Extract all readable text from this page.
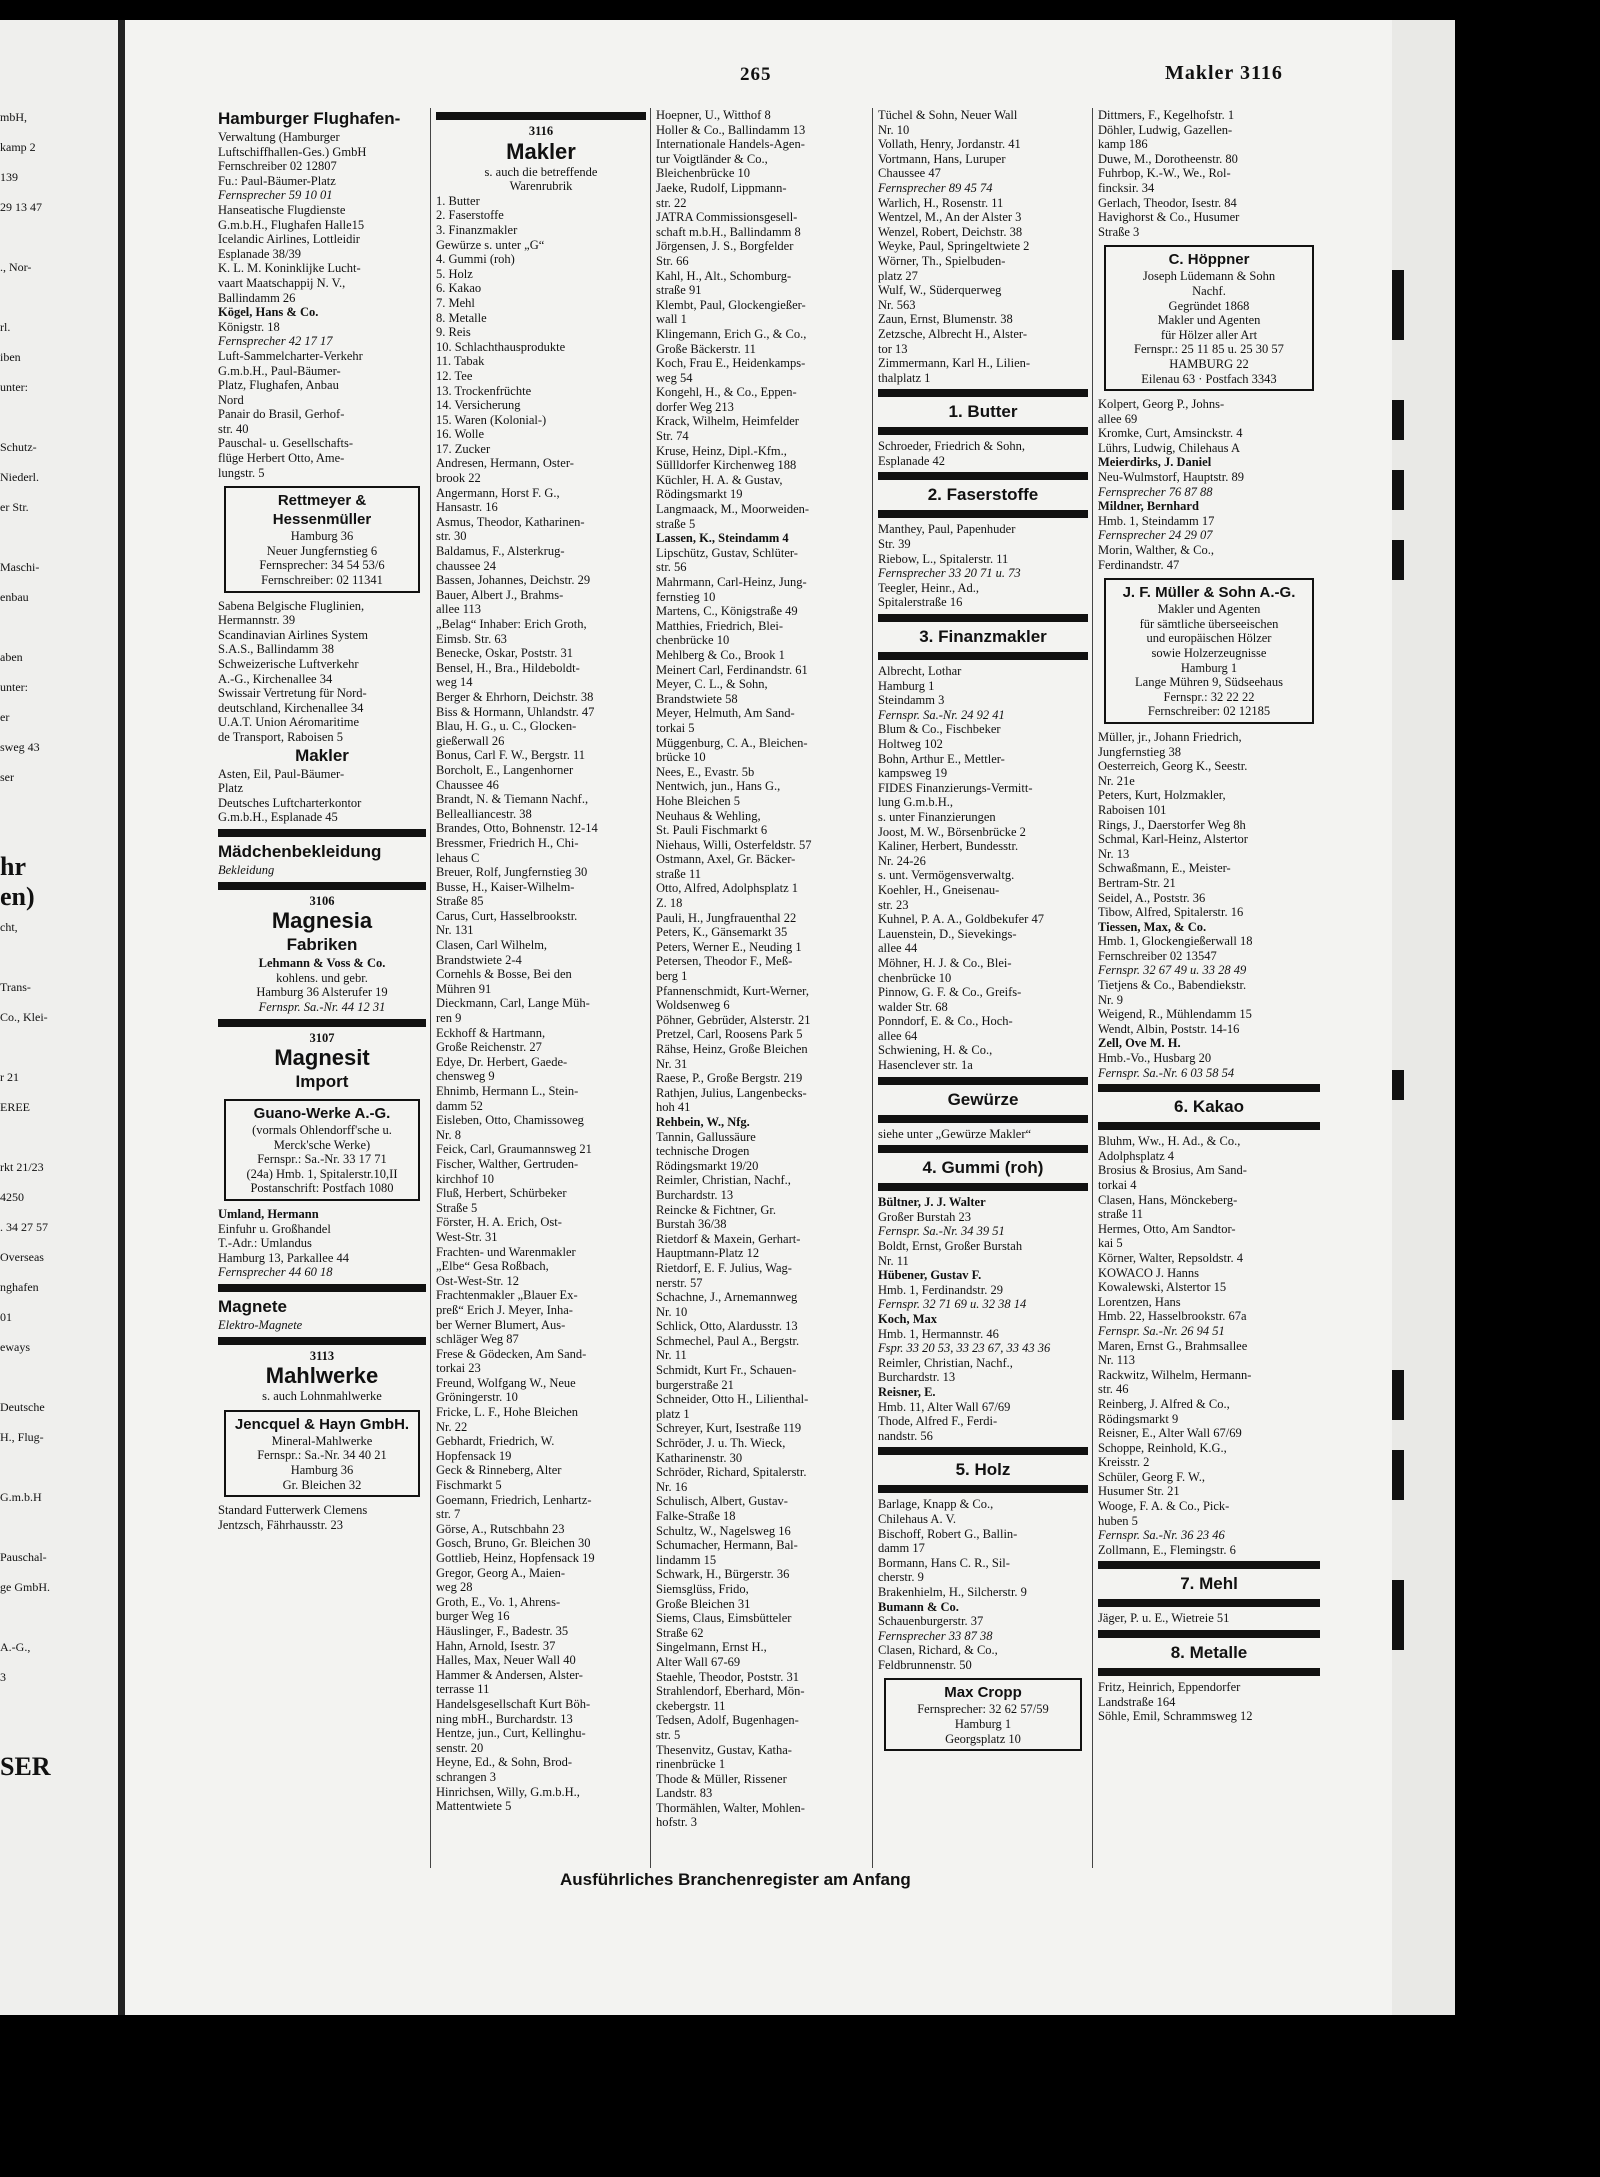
mbH,
kamp 2
139
29 13 47
., Nor-
rl.
iben
unter:
Schutz-
Niederl.
er Str.
Maschi-
enbau
aben
unter:
er
sweg 43
ser
hr
en)
cht,
Trans-
Co., Klei-
r 21
EREE
rkt 21/23
4250
. 34 27 57
Overseas
nghafen
01
eways
Deutsche
H., Flug-
G.m.b.H
Pauschal-
ge GmbH.
A.-G.,
3
SER
265	Makler 3116
Hamburger Flughafen-
Verwaltung (Hamburger
Luftschiffhallen-Ges.) GmbH
Fernschreiber 02 12807
Fu.: Paul-Bäumer-Platz
Fernsprecher 59 10 01
Hanseatische Flugdienste
G.m.b.H., Flughafen Halle15
Icelandic Airlines, Lottleidir
Esplanade 38/39
K. L. M. Koninklijke Lucht-
vaart Maatschappij N. V.,
Ballindamm 26
Kögel, Hans & Co.
Königstr. 18
Fernsprecher 42 17 17
Luft-Sammelcharter-Verkehr
G.m.b.H., Paul-Bäumer-
Platz, Flughafen, Anbau
Nord
Panair do Brasil, Gerhof-
str. 40
Pauschal- u. Gesellschafts-
flüge Herbert Otto, Ame-
lungstr. 5
Rettmeyer & Hessenmüller
Hamburg 36
Neuer Jungfernstieg 6
Fernsprecher: 34 54 53/6
Fernschreiber: 02 11341
Sabena Belgische Fluglinien,
Hermannstr. 39
Scandinavian Airlines System
S.A.S., Ballindamm 38
Schweizerische Luftverkehr
A.-G., Kirchenallee 34
Swissair Vertretung für Nord-
deutschland, Kirchenallee 34
U.A.T. Union Aéromaritime
de Transport, Raboisen 5
Makler
Asten, Eil, Paul-Bäumer-
Platz
Deutsches Luftcharterkontor
G.m.b.H., Esplanade 45
Mädchenbekleidung
Bekleidung
3106
Magnesia
Fabriken
Lehmann & Voss & Co.
kohlens. und gebr.
Hamburg 36 Alsterufer 19
Fernspr. Sa.-Nr. 44 12 31
3107
Magnesit
Import
Guano-Werke A.-G.
(vormals Ohlendorff'sche u.
Merck'sche Werke)
Fernspr.: Sa.-Nr. 33 17 71
(24a) Hmb. 1, Spitalerstr.10,II
Postanschrift: Postfach 1080
Umland, Hermann
Einfuhr u. Großhandel
T.-Adr.: Umlandus
Hamburg 13, Parkallee 44
Fernsprecher 44 60 18
Magnete
Elektro-Magnete
3113
Mahlwerke
s. auch Lohnmahlwerke
Jencquel & Hayn GmbH.
Mineral-Mahlwerke
Fernspr.: Sa.-Nr. 34 40 21
Hamburg 36
Gr. Bleichen 32
Standard Futterwerk Clemens
Jentzsch, Fährhausstr. 23
3116
Makler
s. auch die betreffende
Warenrubrik
1. Butter
2. Faserstoffe
3. Finanzmakler
Gewürze s. unter „G“
4. Gummi (roh)
5. Holz
6. Kakao
7. Mehl
8. Metalle
9. Reis
10. Schlachthausprodukte
11. Tabak
12. Tee
13. Trockenfrüchte
14. Versicherung
15. Waren (Kolonial-)
16. Wolle
17. Zucker
Andresen, Hermann, Oster-
brook 22
Angermann, Horst F. G.,
Hansastr. 16
Asmus, Theodor, Katharinen-
str. 30
Baldamus, F., Alsterkrug-
chaussee 24
Bassen, Johannes, Deichstr. 29
Bauer, Albert J., Brahms-
allee 113
„Belag“ Inhaber: Erich Groth,
Eimsb. Str. 63
Benecke, Oskar, Poststr. 31
Bensel, H., Bra., Hildeboldt-
weg 14
Berger & Ehrhorn, Deichstr. 38
Biss & Hormann, Uhlandstr. 47
Blau, H. G., u. C., Glocken-
gießerwall 26
Bonus, Carl F. W., Bergstr. 11
Borcholt, E., Langenhorner
Chaussee 46
Brandt, N. & Tiemann Nachf.,
Bellealliancestr. 38
Brandes, Otto, Bohnenstr. 12-14
Bressmer, Friedrich H., Chi-
lehaus C
Breuer, Rolf, Jungfernstieg 30
Busse, H., Kaiser-Wilhelm-
Straße 85
Carus, Curt, Hasselbrookstr.
Nr. 131
Clasen, Carl Wilhelm,
Brandstwiete 2-4
Cornehls & Bosse, Bei den
Mühren 91
Dieckmann, Carl, Lange Müh-
ren 9
Eckhoff & Hartmann,
Große Reichenstr. 27
Edye, Dr. Herbert, Gaede-
chensweg 9
Ehnimb, Hermann L., Stein-
damm 52
Eisleben, Otto, Chamissoweg
Nr. 8
Feick, Carl, Graumannsweg 21
Fischer, Walther, Gertruden-
kirchhof 10
Fluß, Herbert, Schürbeker
Straße 5
Förster, H. A. Erich, Ost-
West-Str. 31
Frachten- und Warenmakler
„Elbe“ Gesa Roßbach,
Ost-West-Str. 12
Frachtenmakler „Blauer Ex-
preß“ Erich J. Meyer, Inha-
ber Werner Blumert, Aus-
schläger Weg 87
Frese & Gödecken, Am Sand-
torkai 23
Freund, Wolfgang W., Neue
Gröningerstr. 10
Fricke, L. F., Hohe Bleichen
Nr. 22
Gebhardt, Friedrich, W.
Hopfensack 19
Geck & Rinneberg, Alter
Fischmarkt 5
Goemann, Friedrich, Lenhartz-
str. 7
Görse, A., Rutschbahn 23
Gosch, Bruno, Gr. Bleichen 30
Gottlieb, Heinz, Hopfensack 19
Gregor, Georg A., Maien-
weg 28
Groth, E., Vo. 1, Ahrens-
burger Weg 16
Häuslinger, F., Badestr. 35
Hahn, Arnold, Isestr. 37
Halles, Max, Neuer Wall 40
Hammer & Andersen, Alster-
terrasse 11
Handelsgesellschaft Kurt Böh-
ning mbH., Burchardstr. 13
Hentze, jun., Curt, Kellinghu-
senstr. 20
Heyne, Ed., & Sohn, Brod-
schrangen 3
Hinrichsen, Willy, G.m.b.H.,
Mattentwiete 5
Hoepner, U., Witthof 8
Holler & Co., Ballindamm 13
Internationale Handels-Agen-
tur Voigtländer & Co.,
Bleichenbrücke 10
Jaeke, Rudolf, Lippmann-
str. 22
JATRA Commissionsgesell-
schaft m.b.H., Ballindamm 8
Jörgensen, J. S., Borgfelder
Str. 66
Kahl, H., Alt., Schomburg-
straße 91
Klembt, Paul, Glockengießer-
wall 1
Klingemann, Erich G., & Co.,
Große Bäckerstr. 11
Koch, Frau E., Heidenkamps-
weg 54
Kongehl, H., & Co., Eppen-
dorfer Weg 213
Krack, Wilhelm, Heimfelder
Str. 74
Kruse, Heinz, Dipl.-Kfm.,
Süllldorfer Kirchenweg 188
Küchler, H. A. & Gustav,
Rödingsmarkt 19
Langmaack, M., Moorweiden-
straße 5
Lassen, K., Steindamm 4
Lipschütz, Gustav, Schlüter-
str. 56
Mahrmann, Carl-Heinz, Jung-
fernstieg 10
Martens, C., Königstraße 49
Matthies, Friedrich, Blei-
chenbrücke 10
Mehlberg & Co., Brook 1
Meinert Carl, Ferdinandstr. 61
Meyer, C. L., & Sohn,
Brandstwiete 58
Meyer, Helmuth, Am Sand-
torkai 5
Müggenburg, C. A., Bleichen-
brücke 10
Nees, E., Evastr. 5b
Nentwich, jun., Hans G.,
Hohe Bleichen 5
Neuhaus & Wehling,
St. Pauli Fischmarkt 6
Niehaus, Willi, Osterfeldstr. 57
Ostmann, Axel, Gr. Bäcker-
straße 11
Otto, Alfred, Adolphsplatz 1
Z. 18
Pauli, H., Jungfrauenthal 22
Peters, K., Gänsemarkt 35
Peters, Werner E., Neuding 1
Petersen, Theodor F., Meß-
berg 1
Pfannenschmidt, Kurt-Werner,
Woldsenweg 6
Pöhner, Gebrüder, Alsterstr. 21
Pretzel, Carl, Roosens Park 5
Rähse, Heinz, Große Bleichen
Nr. 31
Raese, P., Große Bergstr. 219
Rathjen, Julius, Langenbecks-
hoh 41
Rehbein, W., Nfg.
Tannin, Gallussäure
technische Drogen
Rödingsmarkt 19/20
Reimler, Christian, Nachf.,
Burchardstr. 13
Reincke & Fichtner, Gr.
Burstah 36/38
Rietdorf & Maxein, Gerhart-
Hauptmann-Platz 12
Rietdorf, E. F. Julius, Wag-
nerstr. 57
Schachne, J., Arnemannweg
Nr. 10
Schlick, Otto, Alardusstr. 13
Schmechel, Paul A., Bergstr.
Nr. 11
Schmidt, Kurt Fr., Schauen-
burgerstraße 21
Schneider, Otto H., Lilienthal-
platz 1
Schreyer, Kurt, Isestraße 119
Schröder, J. u. Th. Wieck,
Katharinenstr. 30
Schröder, Richard, Spitalerstr.
Nr. 16
Schulisch, Albert, Gustav-
Falke-Straße 18
Schultz, W., Nagelsweg 16
Schumacher, Hermann, Bal-
lindamm 15
Schwark, H., Bürgerstr. 36
Siemsglüss, Frido,
Große Bleichen 31
Siems, Claus, Eimsbütteler
Straße 62
Singelmann, Ernst H.,
Alter Wall 67-69
Staehle, Theodor, Poststr. 31
Strahlendorf, Eberhard, Mön-
ckebergstr. 11
Tedsen, Adolf, Bugenhagen-
str. 5
Thesenvitz, Gustav, Katha-
rinenbrücke 1
Thode & Müller, Rissener
Landstr. 83
Thormählen, Walter, Mohlen-
hofstr. 3
Tüchel & Sohn, Neuer Wall
Nr. 10
Vollath, Henry, Jordanstr. 41
Vortmann, Hans, Luruper
Chaussee 47
Fernsprecher 89 45 74
Warlich, H., Rosenstr. 11
Wentzel, M., An der Alster 3
Wenzel, Robert, Deichstr. 38
Weyke, Paul, Springeltwiete 2
Wörner, Th., Spielbuden-
platz 27
Wulf, W., Süderquerweg
Nr. 563
Zaun, Ernst, Blumenstr. 38
Zetzsche, Albrecht H., Alster-
tor 13
Zimmermann, Karl H., Lilien-
thalplatz 1
1. Butter
Schroeder, Friedrich & Sohn,
Esplanade 42
2. Faserstoffe
Manthey, Paul, Papenhuder
Str. 39
Riebow, L., Spitalerstr. 11
Fernsprecher 33 20 71 u. 73
Teegler, Heinr., Ad.,
Spitalerstraße 16
3. Finanzmakler
Albrecht, Lothar
Hamburg 1
Steindamm 3
Fernspr. Sa.-Nr. 24 92 41
Blum & Co., Fischbeker
Holtweg 102
Bohn, Arthur E., Mettler-
kampsweg 19
FIDES Finanzierungs-Vermitt-
lung G.m.b.H.,
s. unter Finanzierungen
Joost, M. W., Börsenbrücke 2
Kaliner, Herbert, Bundesstr.
Nr. 24-26
s. unt. Vermögensverwaltg.
Koehler, H., Gneisenau-
str. 23
Kuhnel, P. A. A., Goldbekufer 47
Lauenstein, D., Sievekings-
allee 44
Möhner, H. J. & Co., Blei-
chenbrücke 10
Pinnow, G. F. & Co., Greifs-
walder Str. 68
Ponndorf, E. & Co., Hoch-
allee 64
Schwiening, H. & Co.,
Hasenclever str. 1a
Gewürze
siehe unter „Gewürze Makler“
4. Gummi (roh)
Bültner, J. J. Walter
Großer Burstah 23
Fernspr. Sa.-Nr. 34 39 51
Boldt, Ernst, Großer Burstah
Nr. 11
Hübener, Gustav F.
Hmb. 1, Ferdinandstr. 29
Fernspr. 32 71 69 u. 32 38 14
Koch, Max
Hmb. 1, Hermannstr. 46
Fspr. 33 20 53, 33 23 67, 33 43 36
Reimler, Christian, Nachf.,
Burchardstr. 13
Reisner, E.
Hmb. 11, Alter Wall 67/69
Thode, Alfred F., Ferdi-
nandstr. 56
5. Holz
Barlage, Knapp & Co.,
Chilehaus A. V.
Bischoff, Robert G., Ballin-
damm 17
Bormann, Hans C. R., Sil-
cherstr. 9
Brakenhielm, H., Silcherstr. 9
Bumann & Co.
Schauenburgerstr. 37
Fernsprecher 33 87 38
Clasen, Richard, & Co.,
Feldbrunnenstr. 50
Max Cropp
Fernsprecher: 32 62 57/59
Hamburg 1
Georgsplatz 10
Dittmers, F., Kegelhofstr. 1
Döhler, Ludwig, Gazellen-
kamp 186
Duwe, M., Dorotheenstr. 80
Fuhrbop, K.-W., We., Rol-
fincksir. 34
Gerlach, Theodor, Isestr. 84
Havighorst & Co., Husumer
Straße 3
C. Höppner
Joseph Lüdemann & Sohn
Nachf.
Gegründet 1868
Makler und Agenten
für Hölzer aller Art
Fernspr.: 25 11 85 u. 25 30 57
HAMBURG 22
Eilenau 63 · Postfach 3343
Kolpert, Georg P., Johns-
allee 69
Kromke, Curt, Amsinckstr. 4
Lührs, Ludwig, Chilehaus A
Meierdirks, J. Daniel
Neu-Wulmstorf, Hauptstr. 89
Fernsprecher 76 87 88
Mildner, Bernhard
Hmb. 1, Steindamm 17
Fernsprecher 24 29 07
Morin, Walther, & Co.,
Ferdinandstr. 47
J. F. Müller & Sohn A.-G.
Makler und Agenten
für sämtliche überseeischen
und europäischen Hölzer
sowie Holzerzeugnisse
Hamburg 1
Lange Mühren 9, Südseehaus
Fernspr.: 32 22 22
Fernschreiber: 02 12185
Müller, jr., Johann Friedrich,
Jungfernstieg 38
Oesterreich, Georg K., Seestr.
Nr. 21e
Peters, Kurt, Holzmakler,
Raboisen 101
Rings, J., Daerstorfer Weg 8h
Schmal, Karl-Heinz, Alstertor
Nr. 13
Schwaßmann, E., Meister-
Bertram-Str. 21
Seidel, A., Poststr. 36
Tibow, Alfred, Spitalerstr. 16
Tiessen, Max, & Co.
Hmb. 1, Glockengießerwall 18
Fernschreiber 02 13547
Fernspr. 32 67 49 u. 33 28 49
Tietjens & Co., Babendiekstr.
Nr. 9
Weigend, R., Mühlendamm 15
Wendt, Albin, Poststr. 14-16
Zell, Ove M. H.
Hmb.-Vo., Husbarg 20
Fernspr. Sa.-Nr. 6 03 58 54
6. Kakao
Bluhm, Ww., H. Ad., & Co.,
Adolphsplatz 4
Brosius & Brosius, Am Sand-
torkai 4
Clasen, Hans, Mönckeberg-
straße 11
Hermes, Otto, Am Sandtor-
kai 5
Körner, Walter, Repsoldstr. 4
KOWACO J. Hanns
Kowalewski, Alstertor 15
Lorentzen, Hans
Hmb. 22, Hasselbrookstr. 67a
Fernspr. Sa.-Nr. 26 94 51
Maren, Ernst G., Brahmsallee
Nr. 113
Rackwitz, Wilhelm, Hermann-
str. 46
Reinberg, J. Alfred & Co.,
Rödingsmarkt 9
Reisner, E., Alter Wall 67/69
Schoppe, Reinhold, K.G.,
Kreisstr. 2
Schüler, Georg F. W.,
Husumer Str. 21
Wooge, F. A. & Co., Pick-
huben 5
Fernspr. Sa.-Nr. 36 23 46
Zollmann, E., Flemingstr. 6
7. Mehl
Jäger, P. u. E., Wietreie 51
8. Metalle
Fritz, Heinrich, Eppendorfer
Landstraße 164
Söhle, Emil, Schrammsweg 12
Ausführliches Branchenregister am Anfang
